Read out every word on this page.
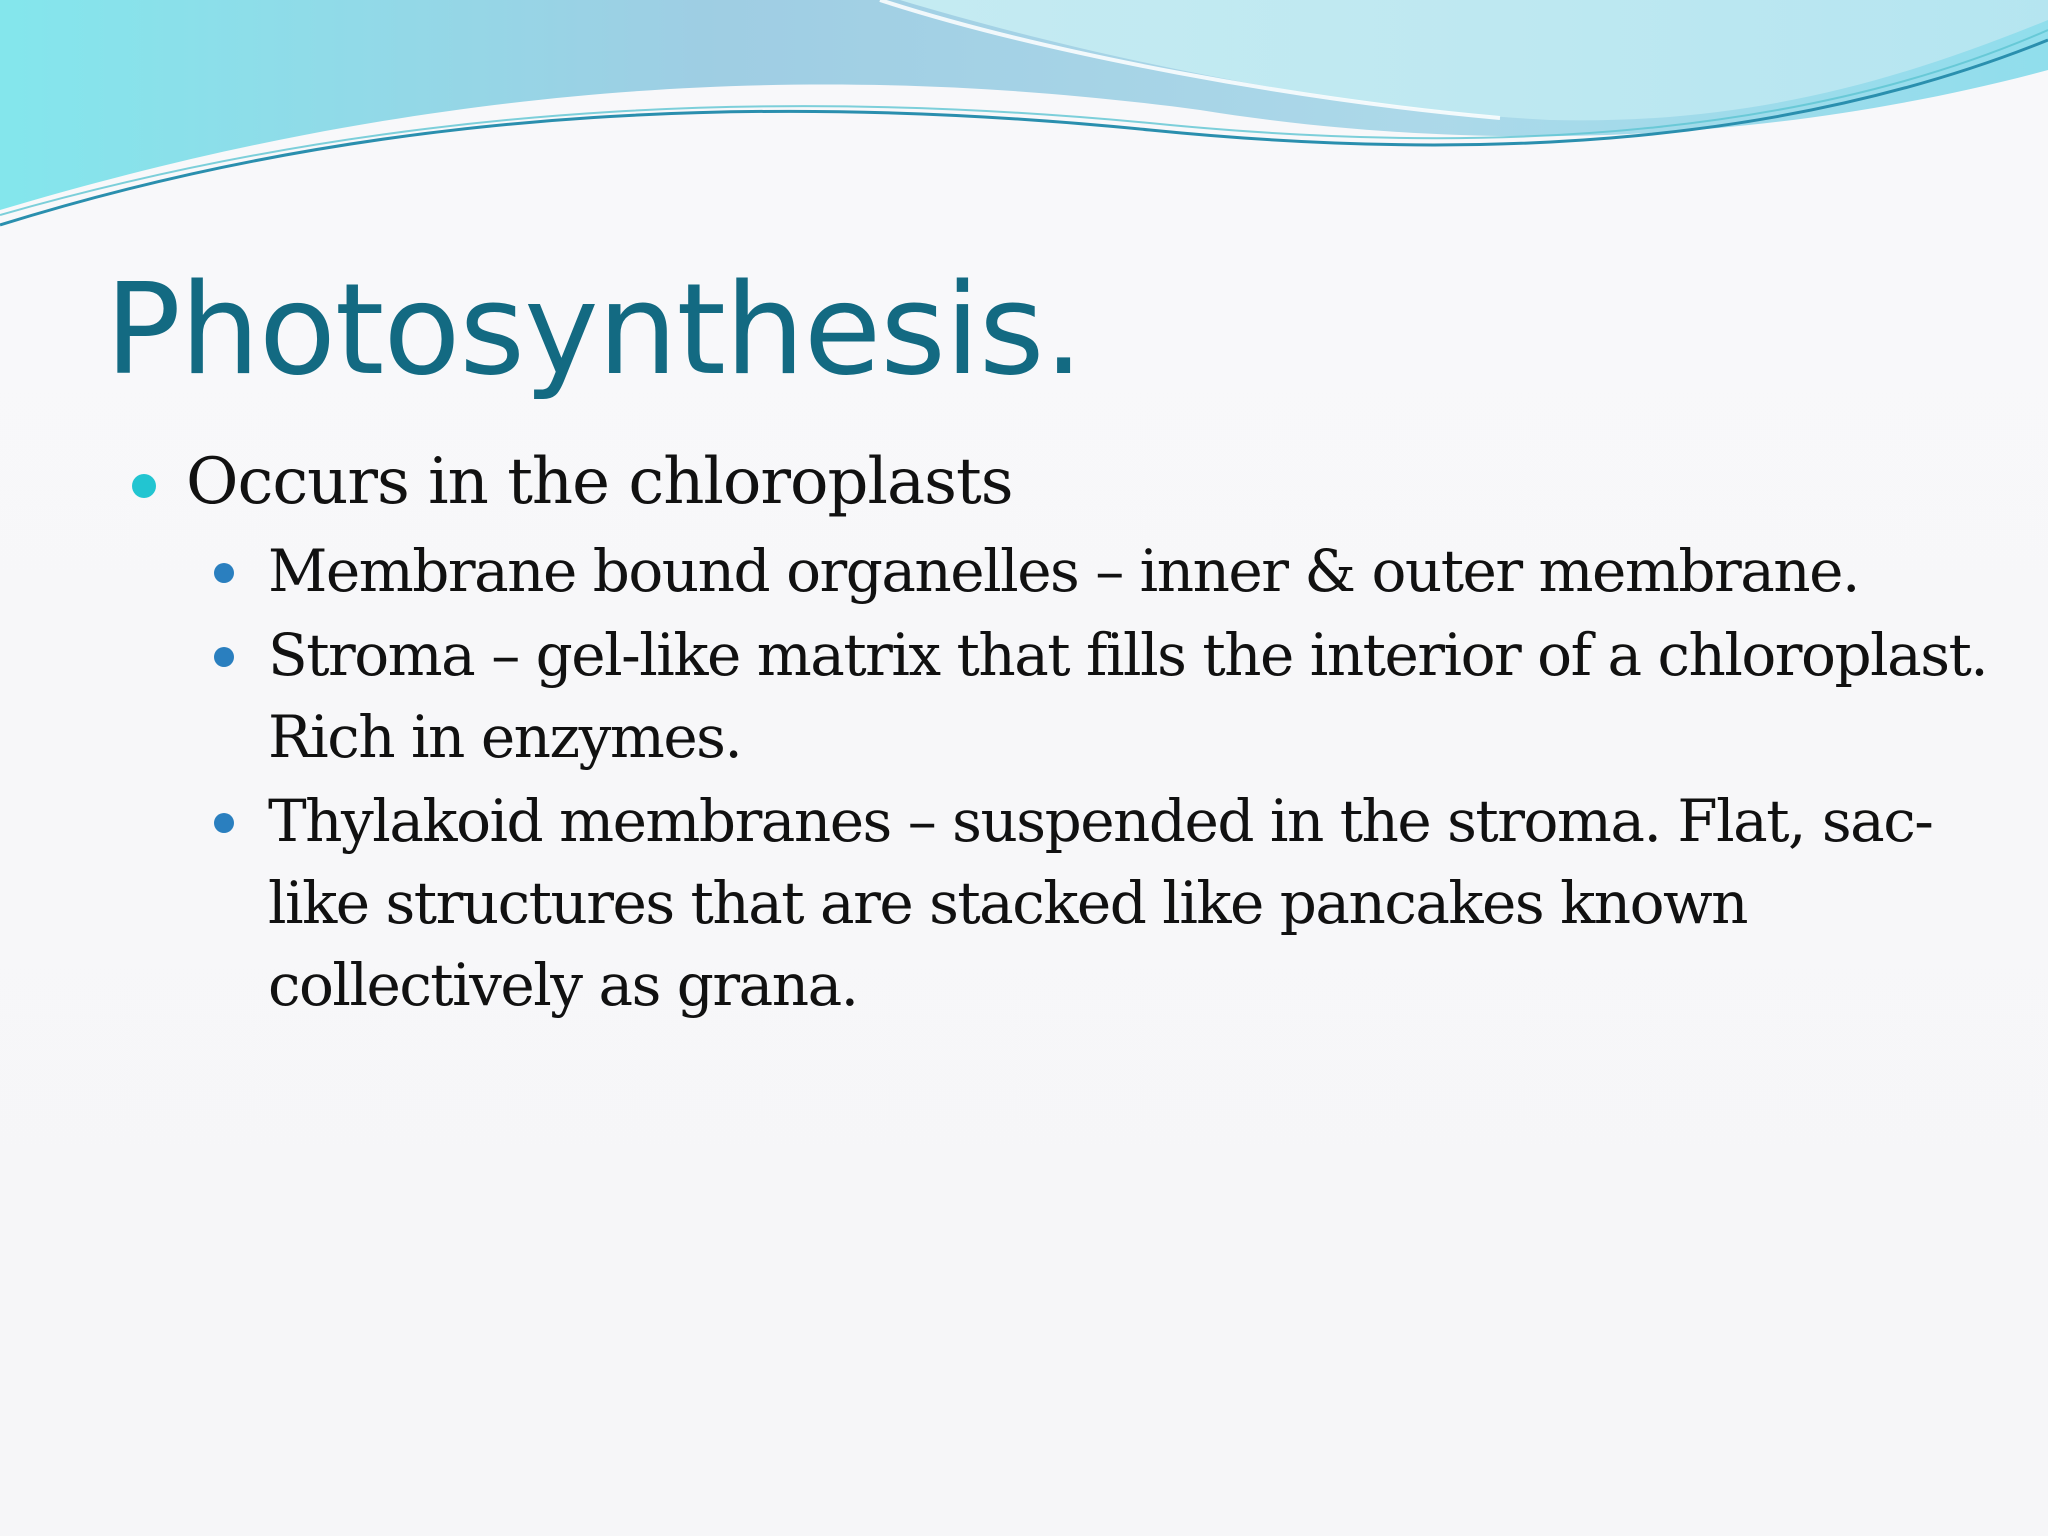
Photosynthesis.
Occurs in the chloroplasts
Membrane bound organelles – inner & outer membrane.
Stroma – gel-like matrix that fills the interior of a chloroplast. Rich in enzymes.
Thylakoid membranes – suspended in the stroma. Flat, sac-like structures that are stacked like pancakes known collectively as grana.
